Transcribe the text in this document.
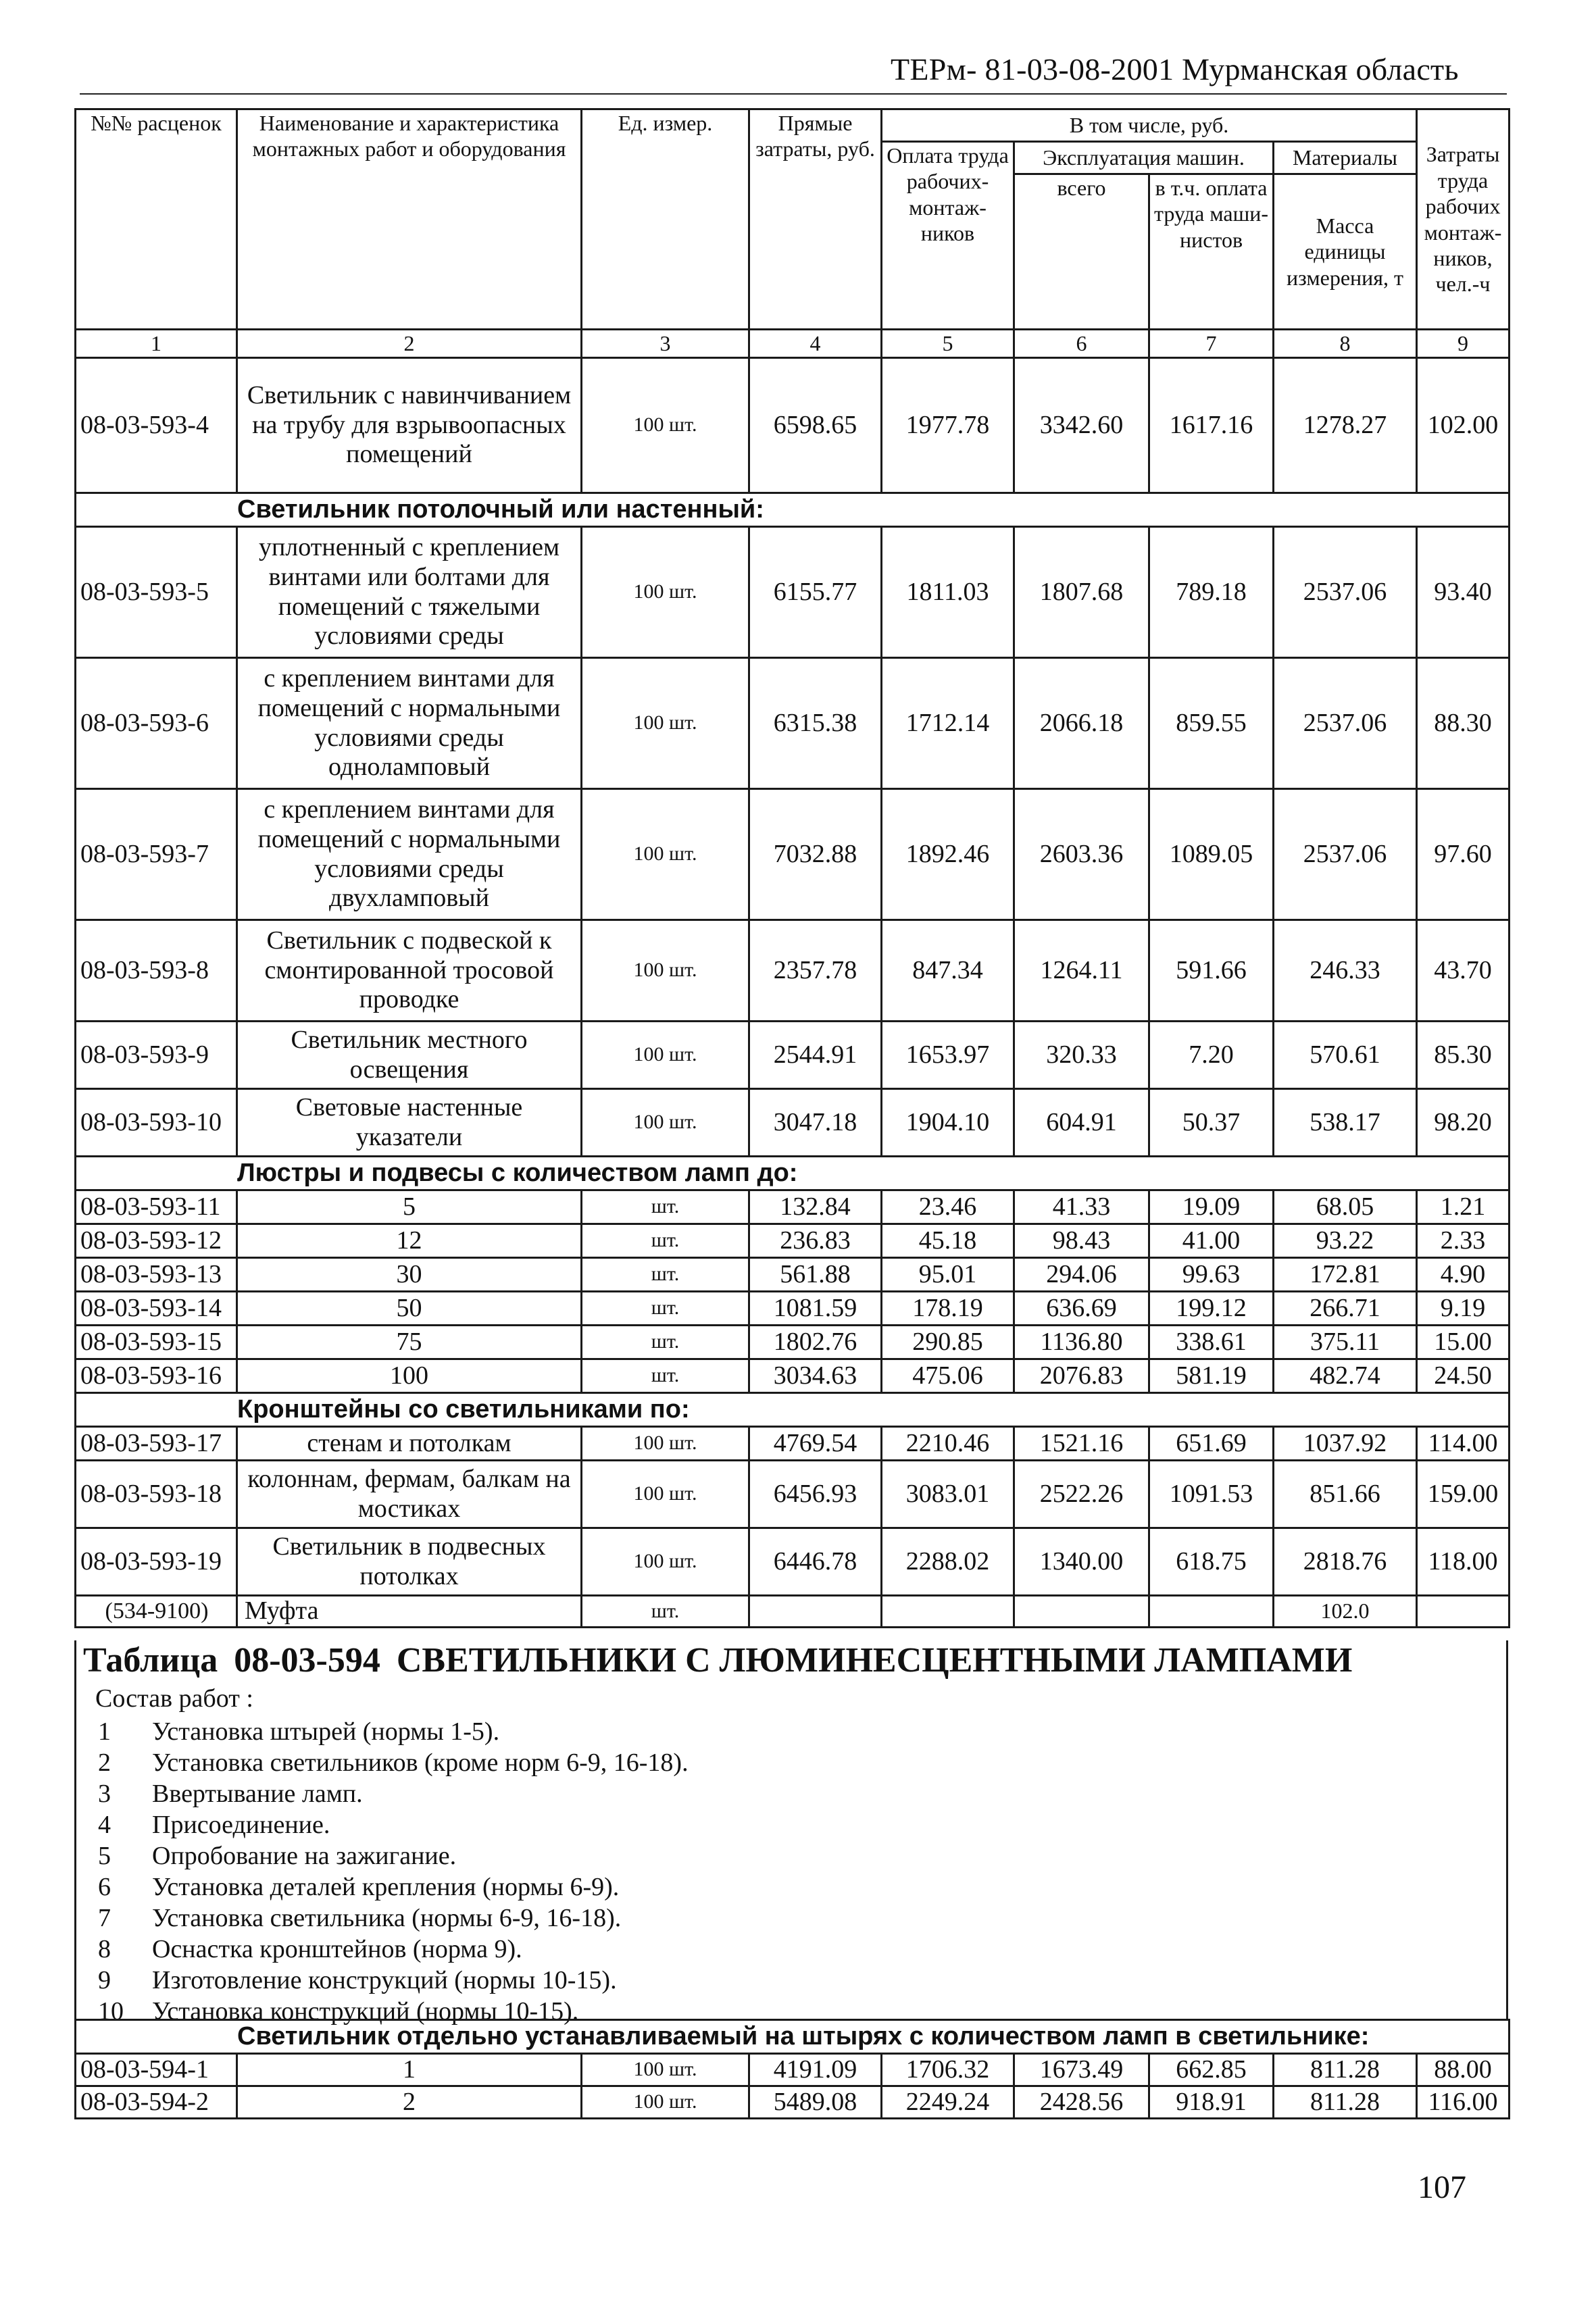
ТЕРм- 81-03-08-2001 Мурманская область
№№ расценок	Наименование и характеристика монтажных работ и оборудования	Ед. измер.	Прямые затраты, руб.	В том числе, руб.				Затраты труда рабочих монтаж-ников, чел.-ч
				Оплата труда рабочих-монтаж-ников	Эксплуатация машин.		Материалы	
					всего	в т.ч. оплата труда маши-нистов	Масса единицы измерения, т	
1	2	3	4	5	6	7	8	9
08-03-593-4	Светильник с навинчиванием на трубу для взрывоопасных помещений	100 шт.	6598.65	1977.78	3342.60	1617.16	1278.27	102.00
Светильник потолочный или настенный:								
08-03-593-5	уплотненный с креплением винтами или болтами для помещений с тяжелыми условиями среды	100 шт.	6155.77	1811.03	1807.68	789.18	2537.06	93.40
08-03-593-6	с креплением винтами для помещений с нормальными условиями среды одноламповый	100 шт.	6315.38	1712.14	2066.18	859.55	2537.06	88.30
08-03-593-7	с креплением винтами для помещений с нормальными условиями среды двухламповый	100 шт.	7032.88	1892.46	2603.36	1089.05	2537.06	97.60
08-03-593-8	Светильник с подвеской к смонтированной тросовой проводке	100 шт.	2357.78	847.34	1264.11	591.66	246.33	43.70
08-03-593-9	Светильник местного освещения	100 шт.	2544.91	1653.97	320.33	7.20	570.61	85.30
08-03-593-10	Световые настенные указатели	100 шт.	3047.18	1904.10	604.91	50.37	538.17	98.20
Люстры и подвесы с количеством ламп до:								
08-03-593-11	5	шт.	132.84	23.46	41.33	19.09	68.05	1.21
08-03-593-12	12	шт.	236.83	45.18	98.43	41.00	93.22	2.33
08-03-593-13	30	шт.	561.88	95.01	294.06	99.63	172.81	4.90
08-03-593-14	50	шт.	1081.59	178.19	636.69	199.12	266.71	9.19
08-03-593-15	75	шт.	1802.76	290.85	1136.80	338.61	375.11	15.00
08-03-593-16	100	шт.	3034.63	475.06	2076.83	581.19	482.74	24.50
Кронштейны со светильниками по:								
08-03-593-17	стенам и потолкам	100 шт.	4769.54	2210.46	1521.16	651.69	1037.92	114.00
08-03-593-18	колоннам, фермам, балкам на мостиках	100 шт.	6456.93	3083.01	2522.26	1091.53	851.66	159.00
08-03-593-19	Светильник в подвесных потолках	100 шт.	6446.78	2288.02	1340.00	618.75	2818.76	118.00
(534-9100)	Муфта	шт.					102.0	
Таблица 08-03-594 СВЕТИЛЬНИКИ С ЛЮМИНЕСЦЕНТНЫМИ ЛАМПАМИ
Состав работ :
1 Установка штырей (нормы 1-5).
2 Установка светильников (кроме норм 6-9, 16-18).
3 Ввертывание ламп.
4 Присоединение.
5 Опробование на зажигание.
6 Установка деталей крепления (нормы 6-9).
7 Установка светильника (нормы 6-9, 16-18).
8 Оснастка кронштейнов (норма 9).
9 Изготовление конструкций (нормы 10-15).
10 Установка конструкций (нормы 10-15).
Светильник отдельно устанавливаемый на штырях с количеством ламп в светильнике:								
08-03-594-1	1	100 шт.	4191.09	1706.32	1673.49	662.85	811.28	88.00
08-03-594-2	2	100 шт.	5489.08	2249.24	2428.56	918.91	811.28	116.00
107
